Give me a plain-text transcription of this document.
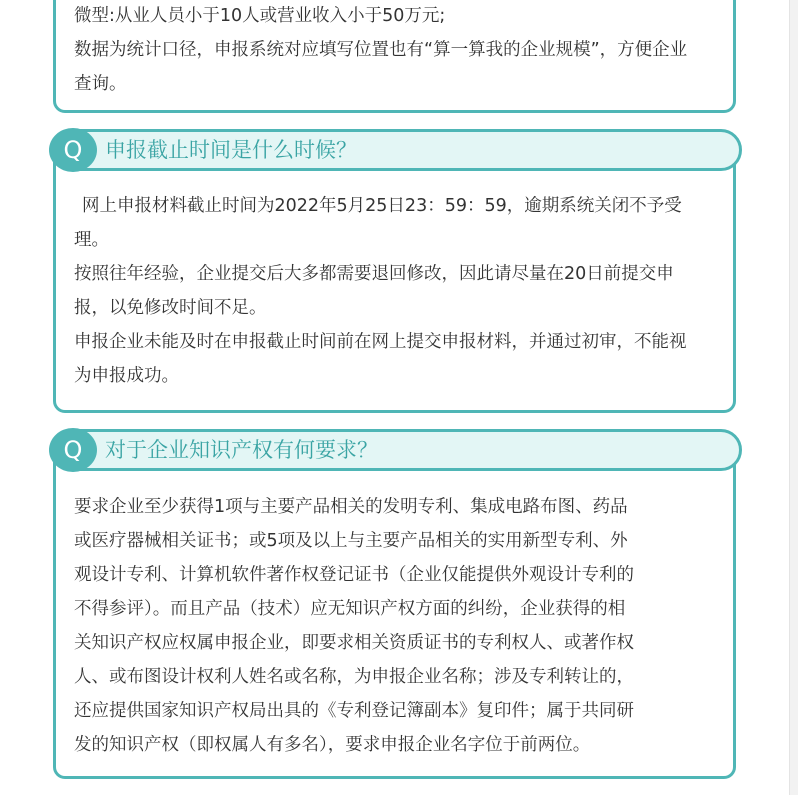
微型:从业人员小于10人或营业收入小于50万元;

数据为统计口径，申报系统对应填写位置也有“算一算我的企业规模”，方便企业

查询。

网上申报材料截止时间为2022年5月25日23：59：59，逾期系统关闭不予受

理。

按照往年经验，企业提交后大多都需要退回修改，因此请尽量在20日前提交申

报，以免修改时间不足。

申报企业未能及时在申报截止时间前在网上提交申报材料，并通过初审，不能视

为申报成功。

Q	申报截止时间是什么时候？

要求企业至少获得1项与主要产品相关的发明专利、集成电路布图、药品

或医疗器械相关证书；或5项及以上与主要产品相关的实用新型专利、外

观设计专利、计算机软件著作权登记证书（企业仅能提供外观设计专利的

不得参评）。而且产品（技术）应无知识产权方面的纠纷，企业获得的相

关知识产权应权属申报企业，即要求相关资质证书的专利权人、或著作权

人、或布图设计权利人姓名或名称，为申报企业名称；涉及专利转让的，

还应提供国家知识产权局出具的《专利登记簿副本》复印件；属于共同研

发的知识产权（即权属人有多名），要求申报企业名字位于前两位。

Q	对于企业知识产权有何要求？
